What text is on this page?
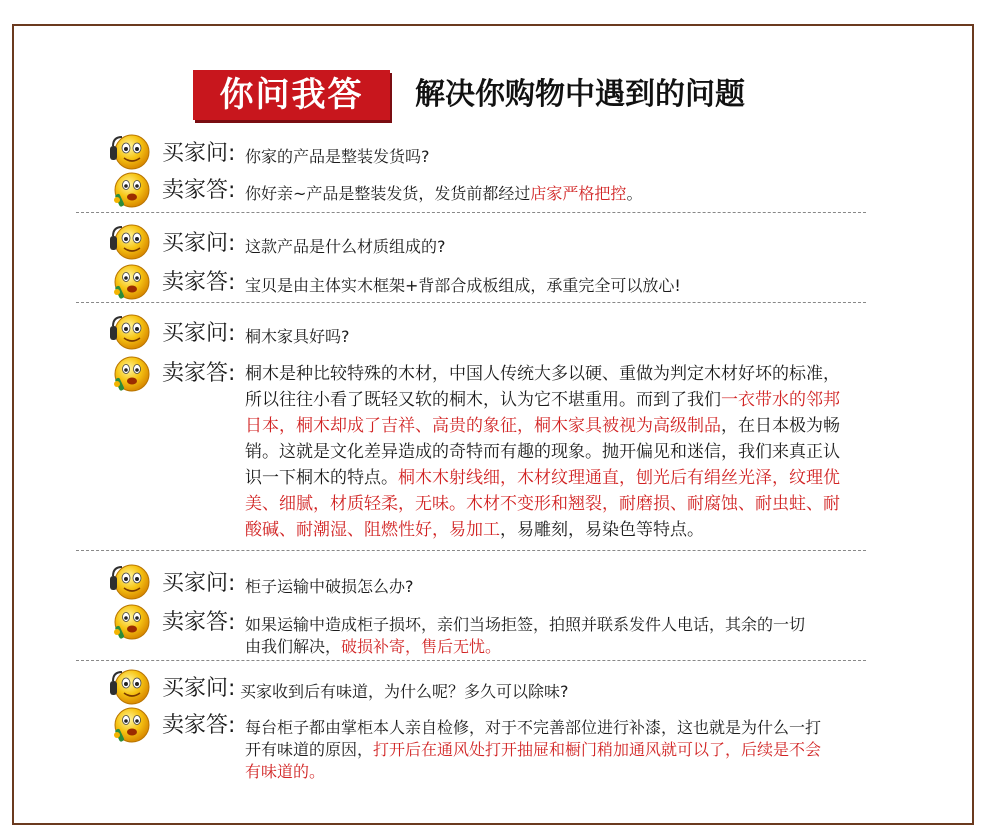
你问我答	解决你购物中遇到的问题
买家问: 你家的产品是整装发货吗?
卖家答: 你好亲~产品是整装发货，发货前都经过店家严格把控。
买家问: 这款产品是什么材质组成的?
卖家答: 宝贝是由主体实木框架+背部合成板组成，承重完全可以放心!
买家问: 桐木家具好吗?
卖家答: 桐木是种比较特殊的木材，中国人传统大多以硬、重做为判定木材好坏的标准，所以往往小看了既轻又软的桐木，认为它不堪重用。而到了我们一衣带水的邻邦日本，桐木却成了吉祥、高贵的象征，桐木家具被视为高级制品，在日本极为畅销。这就是文化差异造成的奇特而有趣的现象。抛开偏见和迷信，我们来真正认识一下桐木的特点。桐木木射线细，木材纹理通直，刨光后有绢丝光泽，纹理优美、细腻，材质轻柔，无味。木材不变形和翘裂，耐磨损、耐腐蚀、耐虫蛀、耐酸碱、耐潮湿、阻燃性好，易加工，易雕刻，易染色等特点。
买家问: 柜子运输中破损怎么办?
卖家答: 如果运输中造成柜子损坏，亲们当场拒签，拍照并联系发件人电话，其余的一切由我们解决，破损补寄，售后无忧。
买家问: 买家收到后有味道，为什么呢？多久可以除味?
卖家答: 每台柜子都由掌柜本人亲自检修，对于不完善部位进行补漆，这也就是为什么一打开有味道的原因，打开后在通风处打开抽屉和橱门稍加通风就可以了，后续是不会有味道的。
